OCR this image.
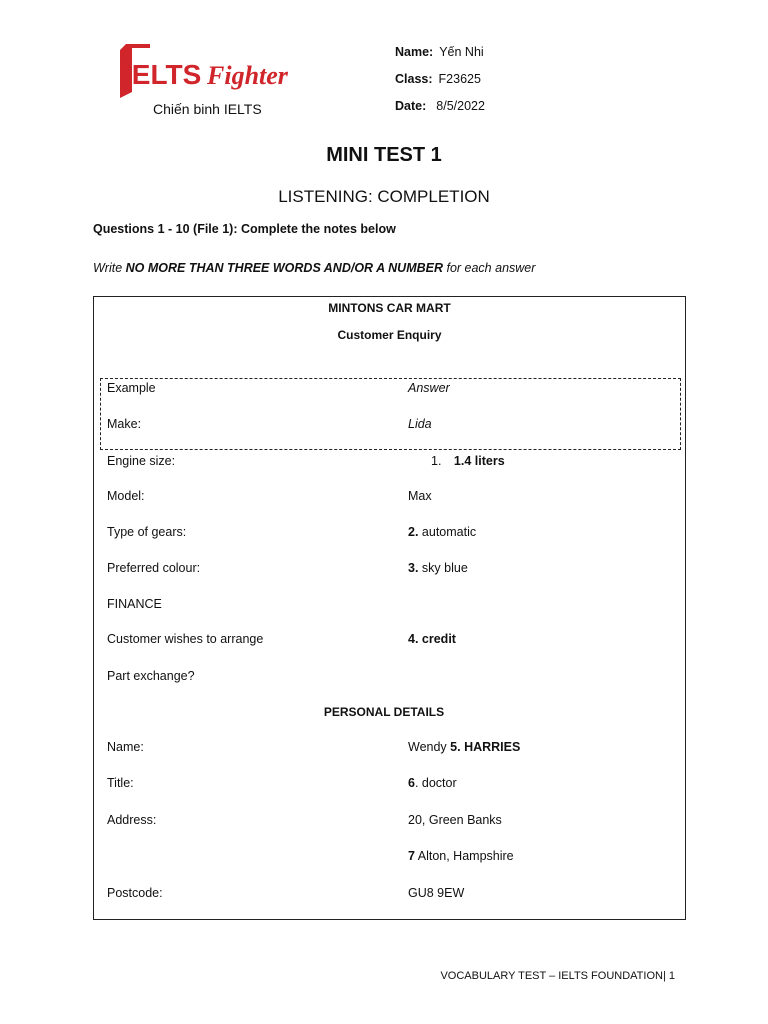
IELTS Fighter
Chiến binh IELTS
Name: Yến Nhi
Class: F23625
Date: 8/5/2022
MINI TEST 1
LISTENING: COMPLETION
Questions 1 - 10 (File 1): Complete the notes below
Write NO MORE THAN THREE WORDS AND/OR A NUMBER for each answer
MINTONS CAR MART
Customer Enquiry
Example	Answer
Make:	Lida
Engine size:	1. 1.4 liters
Model:	Max
Type of gears:	2. automatic
Preferred colour:	3. sky blue
FINANCE
Customer wishes to arrange	4. credit
Part exchange?
PERSONAL DETAILS
Name:	Wendy 5. HARRIES
Title:	6. doctor
Address:	20, Green Banks
7 Alton, Hampshire
Postcode:	GU8 9EW
VOCABULARY TEST – IELTS FOUNDATION| 1
